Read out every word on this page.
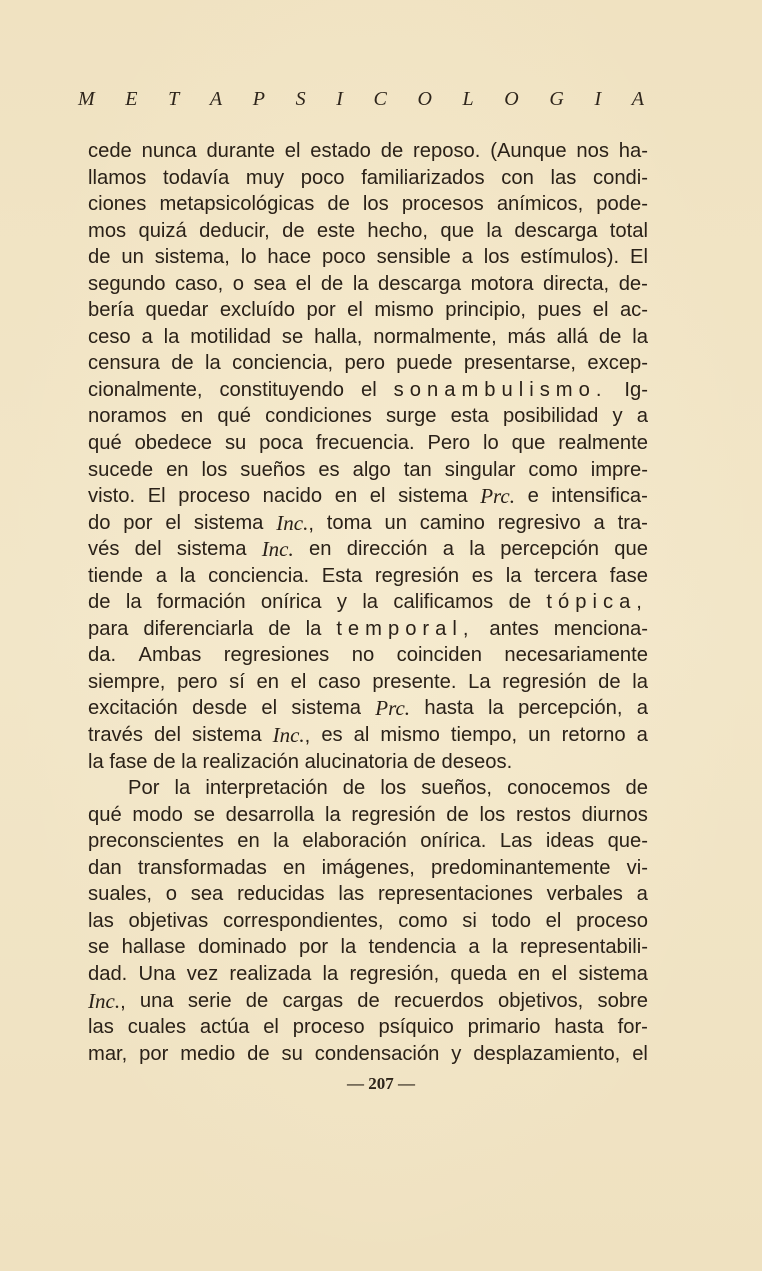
M E T A P S I C O L O G I A
cede nunca durante el estado de reposo. (Aunque nos ha-
llamos todavía muy poco familiarizados con las condi-
ciones metapsicológicas de los procesos anímicos, pode-
mos quizá deducir, de este hecho, que la descarga total
de un sistema, lo hace poco sensible a los estímulos). El
segundo caso, o sea el de la descarga motora directa, de-
bería quedar excluído por el mismo principio, pues el ac-
ceso a la motilidad se halla, normalmente, más allá de la
censura de la conciencia, pero puede presentarse, excep-
cionalmente, constituyendo el sonambulismo. Ig-
noramos en qué condiciones surge esta posibilidad y a
qué obedece su poca frecuencia. Pero lo que realmente
sucede en los sueños es algo tan singular como impre-
visto. El proceso nacido en el sistema Prc. e intensifica-
do por el sistema Inc., toma un camino regresivo a tra-
vés del sistema Inc. en dirección a la percepción que
tiende a la conciencia. Esta regresión es la tercera fase
de la formación onírica y la calificamos de tópica,
para diferenciarla de la temporal, antes menciona-
da. Ambas regresiones no coinciden necesariamente
siempre, pero sí en el caso presente. La regresión de la
excitación desde el sistema Prc. hasta la percepción, a
través del sistema Inc., es al mismo tiempo, un retorno a
la fase de la realización alucinatoria de deseos.
Por la interpretación de los sueños, conocemos de
qué modo se desarrolla la regresión de los restos diurnos
preconscientes en la elaboración onírica. Las ideas que-
dan transformadas en imágenes, predominantemente vi-
suales, o sea reducidas las representaciones verbales a
las objetivas correspondientes, como si todo el proceso
se hallase dominado por la tendencia a la representabili-
dad. Una vez realizada la regresión, queda en el sistema
Inc., una serie de cargas de recuerdos objetivos, sobre
las cuales actúa el proceso psíquico primario hasta for-
mar, por medio de su condensación y desplazamiento, el
— 207 —
